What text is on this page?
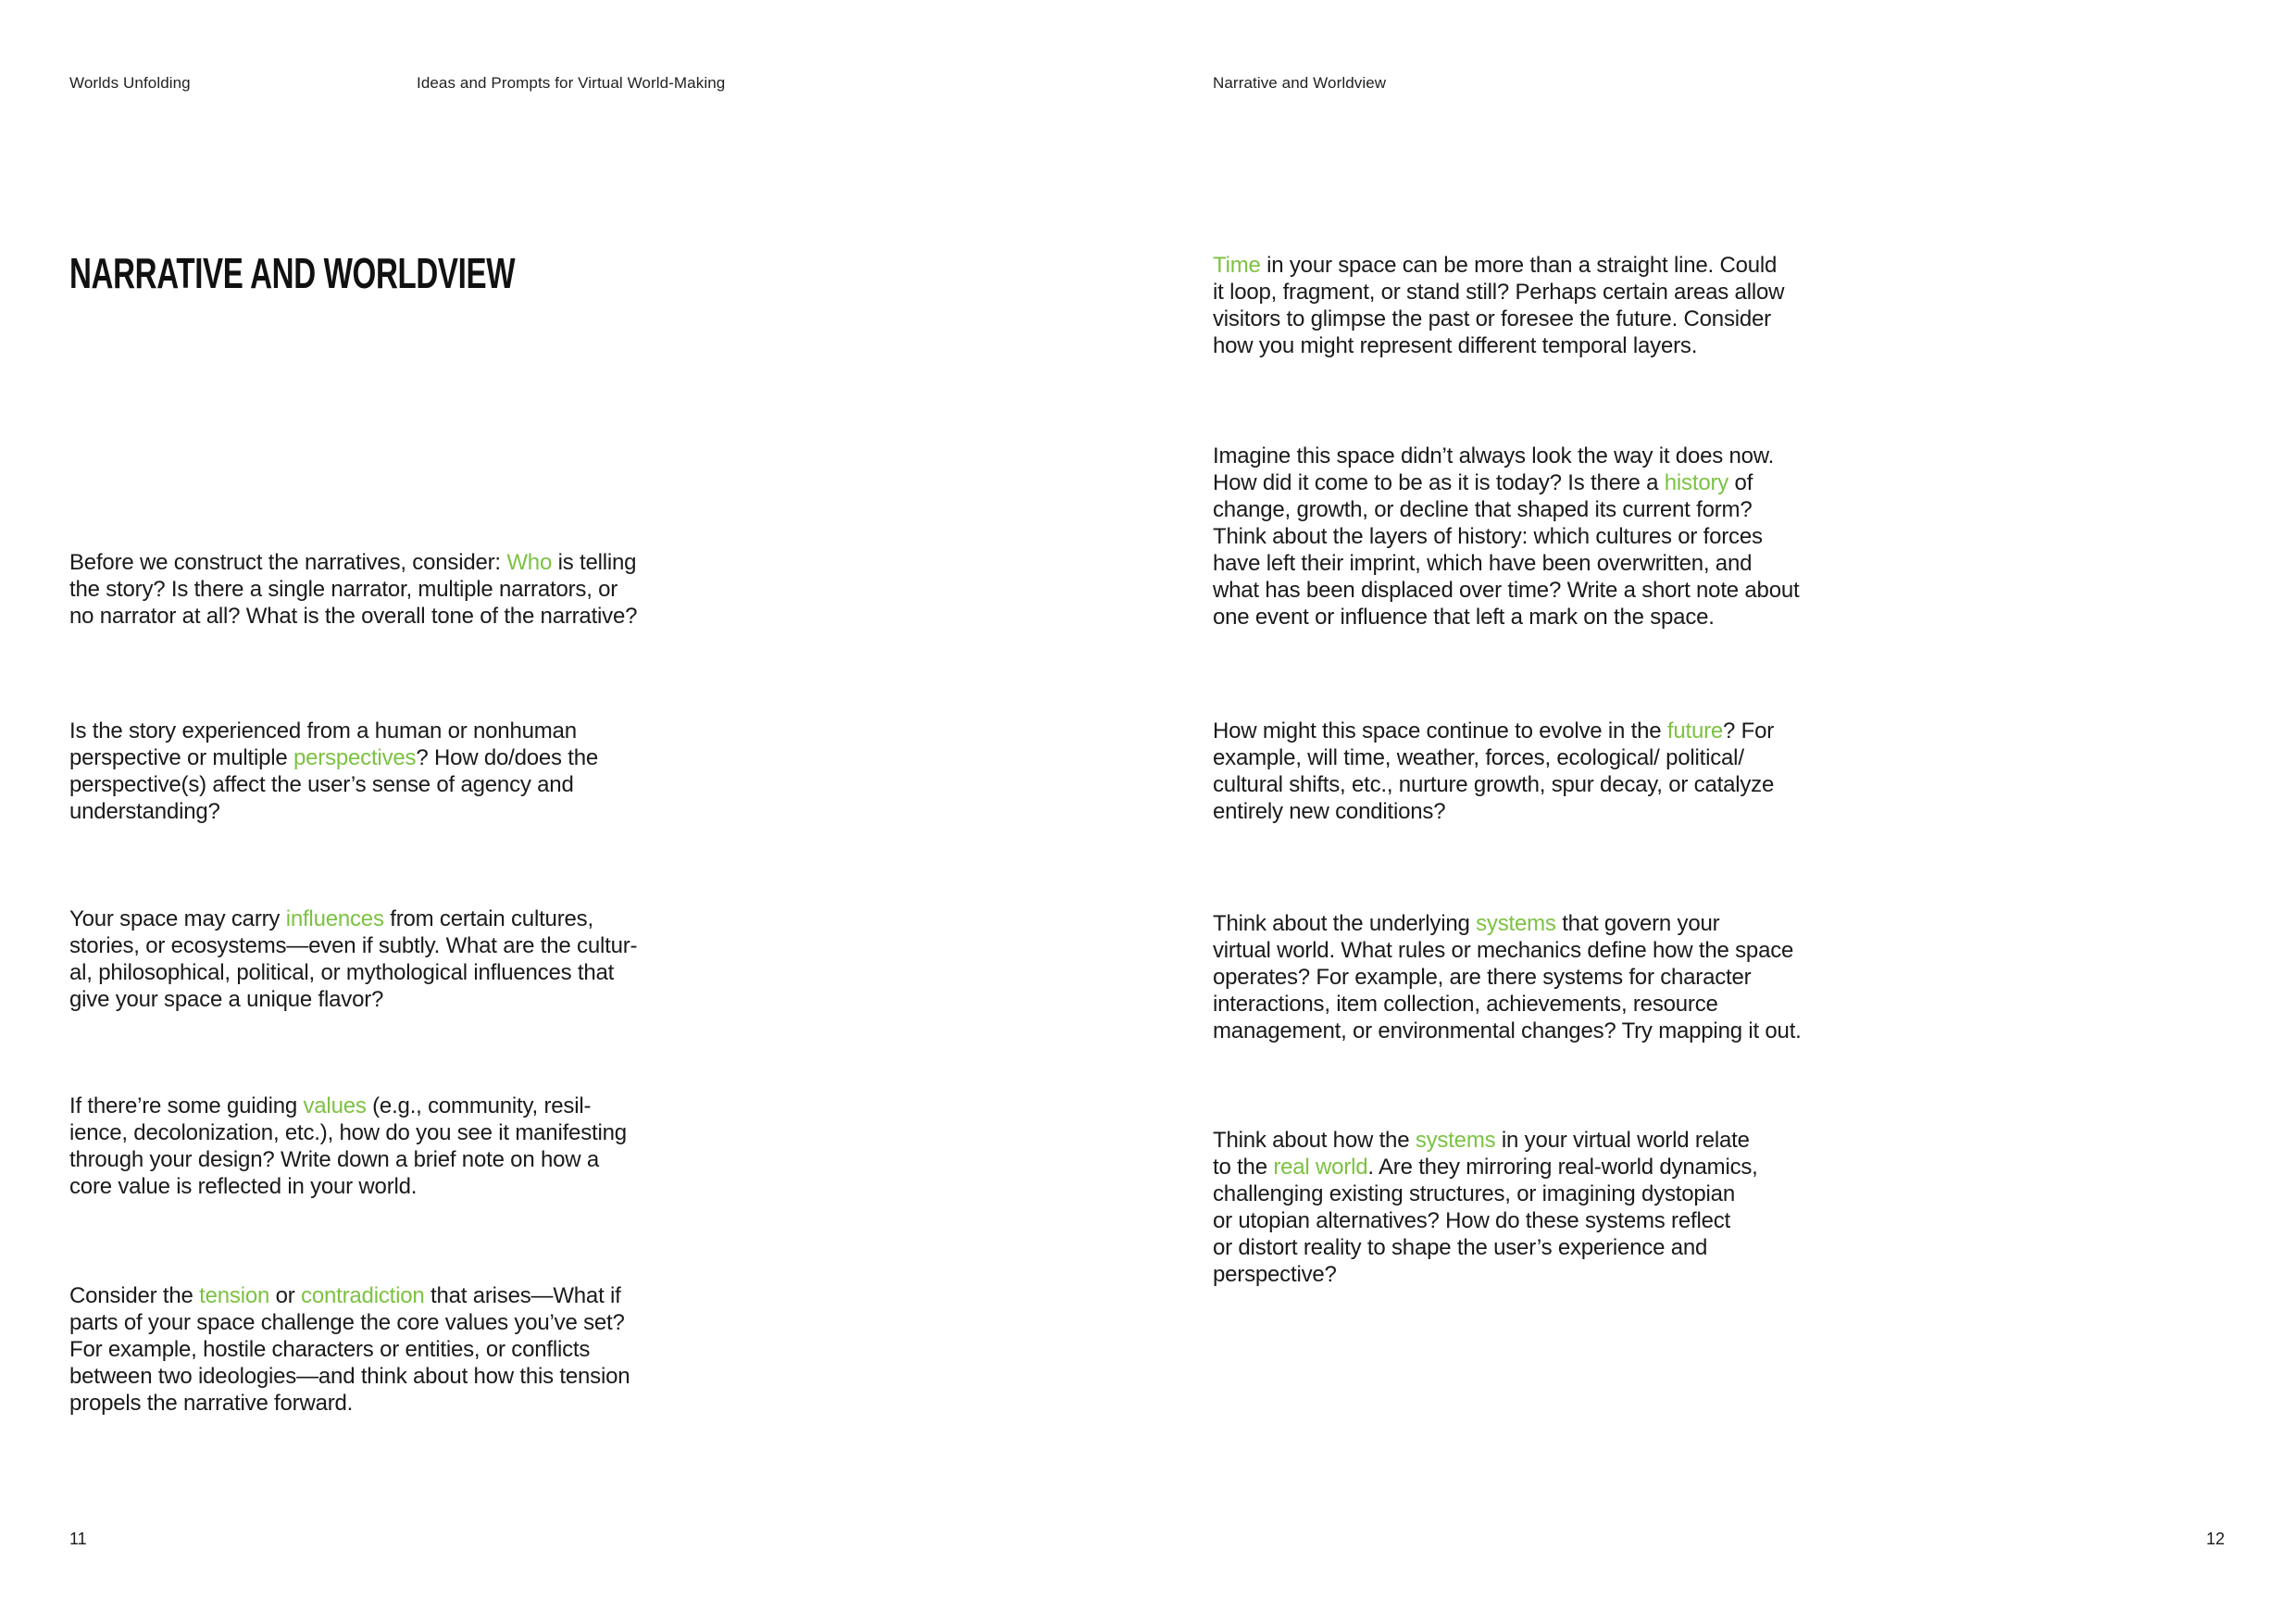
Worlds Unfolding	Ideas and Prompts for Virtual World-Making	Narrative and Worldview
NARRATIVE AND WORLDVIEW
Before we construct the narratives, consider: Who is telling
the story? Is there a single narrator, multiple narrators, or
no narrator at all? What is the overall tone of the narrative?
Is the story experienced from a human or nonhuman
perspective or multiple perspectives? How do/does the
perspective(s) affect the user’s sense of agency and
understanding?
Your space may carry influences from certain cultures,
stories, or ecosystems—even if subtly. What are the cultur-
al, philosophical, political, or mythological influences that
give your space a unique flavor?
If there’re some guiding values (e.g., community, resil-
ience, decolonization, etc.), how do you see it manifesting
through your design? Write down a brief note on how a
core value is reflected in your world.
Consider the tension or contradiction that arises—What if
parts of your space challenge the core values you’ve set?
For example, hostile characters or entities, or conflicts
between two ideologies—and think about how this tension
propels the narrative forward.
Time in your space can be more than a straight line. Could
it loop, fragment, or stand still? Perhaps certain areas allow
visitors to glimpse the past or foresee the future. Consider
how you might represent different temporal layers.
Imagine this space didn’t always look the way it does now.
How did it come to be as it is today? Is there a history of
change, growth, or decline that shaped its current form?
Think about the layers of history: which cultures or forces
have left their imprint, which have been overwritten, and
what has been displaced over time? Write a short note about
one event or influence that left a mark on the space.
How might this space continue to evolve in the future? For
example, will time, weather, forces, ecological/ political/
cultural shifts, etc., nurture growth, spur decay, or catalyze
entirely new conditions?
Think about the underlying systems that govern your
virtual world. What rules or mechanics define how the space
operates? For example, are there systems for character
interactions, item collection, achievements, resource
management, or environmental changes? Try mapping it out.
Think about how the systems in your virtual world relate
to the real world. Are they mirroring real-world dynamics,
challenging existing structures, or imagining dystopian
or utopian alternatives? How do these systems reflect
or distort reality to shape the user’s experience and
perspective?
11	12
